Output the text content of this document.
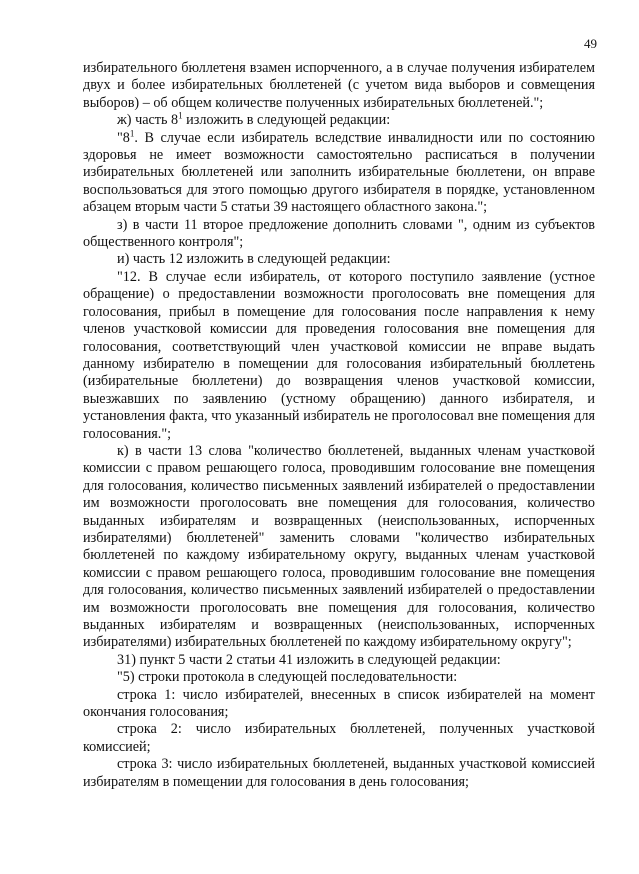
49

избирательного бюллетеня взамен испорченного, а в случае получения избирателем двух и более избирательных бюллетеней (с учетом вида выборов и совмещения выборов) – об общем количестве полученных избирательных бюллетеней.";

ж) часть $8^1$ изложить в следующей редакции:

"$8^1$. В случае если избиратель вследствие инвалидности или по состоянию здоровья не имеет возможности самостоятельно расписаться в получении избирательных бюллетеней или заполнить избирательные бюллетени, он вправе воспользоваться для этого помощью другого избирателя в порядке, установленном абзацем вторым части 5 статьи 39 настоящего областного закона.";

з) в части 11 второе предложение дополнить словами ", одним из субъектов общественного контроля";

и) часть 12 изложить в следующей редакции:

"12. В случае если избиратель, от которого поступило заявление (устное обращение) о предоставлении возможности проголосовать вне помещения для голосования, прибыл в помещение для голосования после направления к нему членов участковой комиссии для проведения голосования вне помещения для голосования, соответствующий член участковой комиссии не вправе выдать данному избирателю в помещении для голосования избирательный бюллетень (избирательные бюллетени) до возвращения членов участковой комиссии, выезжавших по заявлению (устному обращению) данного избирателя, и установления факта, что указанный избиратель не проголосовал вне помещения для голосования.";

к) в части 13 слова "количество бюллетеней, выданных членам участковой комиссии с правом решающего голоса, проводившим голосование вне помещения для голосования, количество письменных заявлений избирателей о предоставлении им возможности проголосовать вне помещения для голосования, количество выданных избирателям и возвращенных (неиспользованных, испорченных избирателями) бюллетеней" заменить словами "количество избирательных бюллетеней по каждому избирательному округу, выданных членам участковой комиссии с правом решающего голоса, проводившим голосование вне помещения для голосования, количество письменных заявлений избирателей о предоставлении им возможности проголосовать вне помещения для голосования, количество выданных избирателям и возвращенных (неиспользованных, испорченных избирателями) избирательных бюллетеней по каждому избирательному округу";

31) пункт 5 части 2 статьи 41 изложить в следующей редакции:

"5) строки протокола в следующей последовательности:

строка 1: число избирателей, внесенных в список избирателей на момент окончания голосования;

строка 2: число избирательных бюллетеней, полученных участковой комиссией;

строка 3: число избирательных бюллетеней, выданных участковой комиссией избирателям в помещении для голосования в день голосования;
